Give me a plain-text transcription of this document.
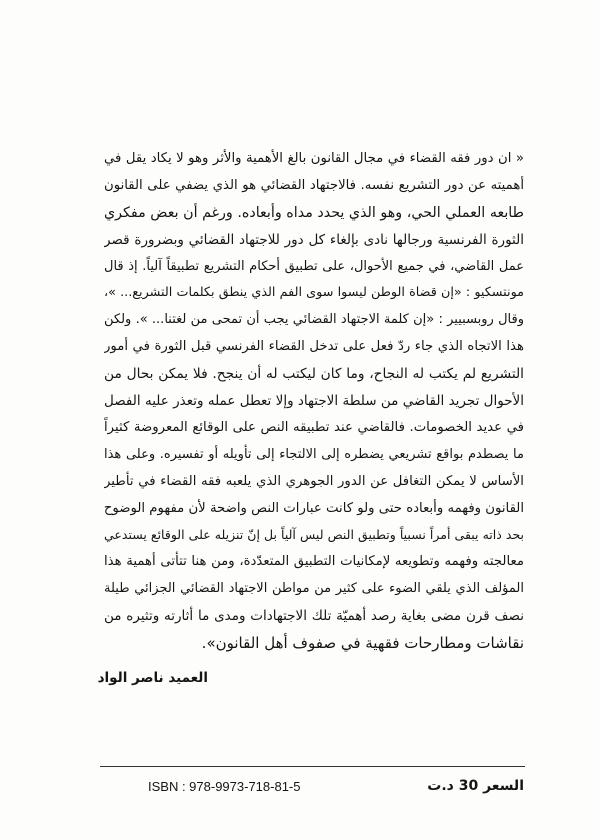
« ان دور فقه القضاء في مجال القانون بالغ الأهمية والأثر وهو لا يكاد يقل في
أهميته عن دور التشريع نفسه. فالاجتهاد القضائي هو الذي يضفي على القانون
طابعه العملي الحي، وهو الذي يحدد مداه وأبعاده. ورغم أن بعض مفكري
الثورة الفرنسية ورجالها نادى بإلغاء كل دور للاجتهاد القضائي وبضرورة قصر
عمل القاضي، في جميع الأحوال، على تطبيق أحكام التشريع تطبيقاً آلياً. إذ قال
مونتسكيو : «إن قضاة الوطن ليسوا سوى الفم الذي ينطق بكلمات التشريع... »،
وقال روبسبيير : «إن كلمة الاجتهاد القضائي يجب أن تمحى من لغتنا... ». ولكن
هذا الاتجاه الذي جاء ردّ فعل على تدخل القضاء الفرنسي قبل الثورة في أمور
التشريع لم يكتب له النجاح، وما كان ليكتب له أن ينجح. فلا يمكن بحال من
الأحوال تجريد القاضي من سلطة الاجتهاد وإلا تعطل عمله وتعذر عليه الفصل
في عديد الخصومات. فالقاضي عند تطبيقه النص على الوقائع المعروضة كثيراً
ما يصطدم بواقع تشريعي يضطره إلى الالتجاء إلى تأويله أو تفسيره. وعلى هذا
الأساس لا يمكن التغافل عن الدور الجوهري الذي يلعبه فقه القضاء في تأطير
القانون وفهمه وأبعاده حتى ولو كانت عبارات النص واضحة لأن مفهوم الوضوح
بحد ذاته يبقى أمراً نسبياً وتطبيق النص ليس آلياً بل إنّ تنزيله على الوقائع يستدعي
معالجته وفهمه وتطويعه لإمكانيات التطبيق المتعدّدة، ومن هنا تتأتى أهمية هذا
المؤلف الذي يلقي الضوء على كثير من مواطن الاجتهاد القضائي الجزائي طيلة
نصف قرن مضى بغاية رصد أهميّة تلك الاجتهادات ومدى ما أثارته وتثيره من
نقاشات ومطارحات فقهية في صفوف أهل القانون».
العميد ناصر الواد
ISBN : 978-9973-718-81-5	السعر 30 د.ت
